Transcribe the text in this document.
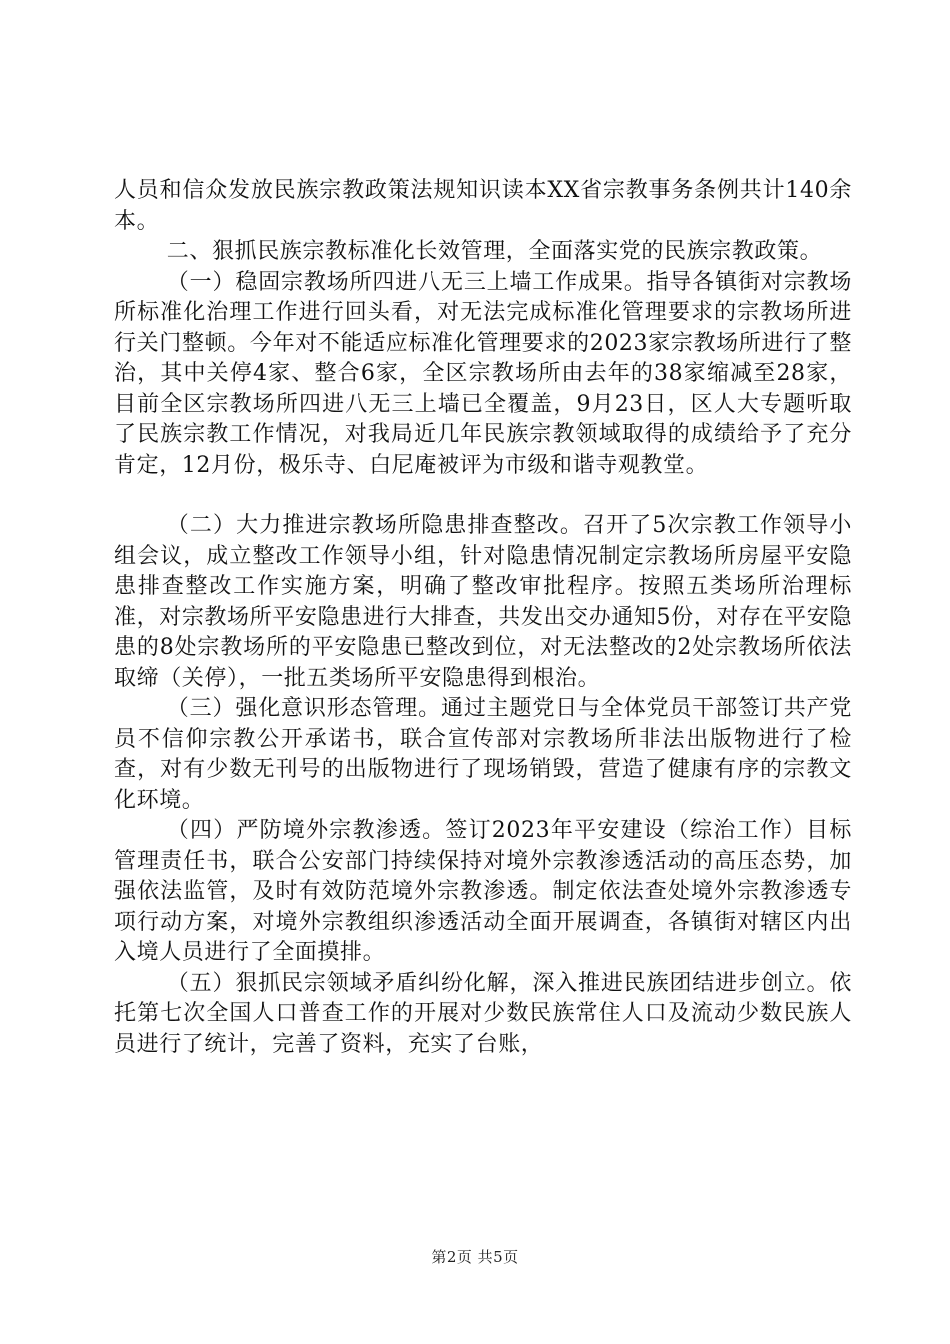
人员和信众发放民族宗教政策法规知识读本XX省宗教事务条例共计140余本。

二、狠抓民族宗教标准化长效管理，全面落实党的民族宗教政策。

（一）稳固宗教场所四进八无三上墙工作成果。指导各镇街对宗教场所标准化治理工作进行回头看，对无法完成标准化管理要求的宗教场所进行关门整顿。今年对不能适应标准化管理要求的2023家宗教场所进行了整治，其中关停4家、整合6家，全区宗教场所由去年的38家缩减至28家，目前全区宗教场所四进八无三上墙已全覆盖，9月23日，区人大专题听取了民族宗教工作情况，对我局近几年民族宗教领域取得的成绩给予了充分肯定，12月份，极乐寺、白尼庵被评为市级和谐寺观教堂。

（二）大力推进宗教场所隐患排查整改。召开了5次宗教工作领导小组会议，成立整改工作领导小组，针对隐患情况制定宗教场所房屋平安隐患排查整改工作实施方案，明确了整改审批程序。按照五类场所治理标准，对宗教场所平安隐患进行大排查，共发出交办通知5份，对存在平安隐患的8处宗教场所的平安隐患已整改到位，对无法整改的2处宗教场所依法取缔（关停），一批五类场所平安隐患得到根治。

（三）强化意识形态管理。通过主题党日与全体党员干部签订共产党员不信仰宗教公开承诺书，联合宣传部对宗教场所非法出版物进行了检查，对有少数无刊号的出版物进行了现场销毁，营造了健康有序的宗教文化环境。

（四）严防境外宗教渗透。签订2023年平安建设（综治工作）目标管理责任书，联合公安部门持续保持对境外宗教渗透活动的高压态势，加强依法监管，及时有效防范境外宗教渗透。制定依法查处境外宗教渗透专项行动方案，对境外宗教组织渗透活动全面开展调查，各镇街对辖区内出入境人员进行了全面摸排。

（五）狠抓民宗领域矛盾纠纷化解，深入推进民族团结进步创立。依托第七次全国人口普查工作的开展对少数民族常住人口及流动少数民族人员进行了统计，完善了资料，充实了台账，

第2页 共5页
